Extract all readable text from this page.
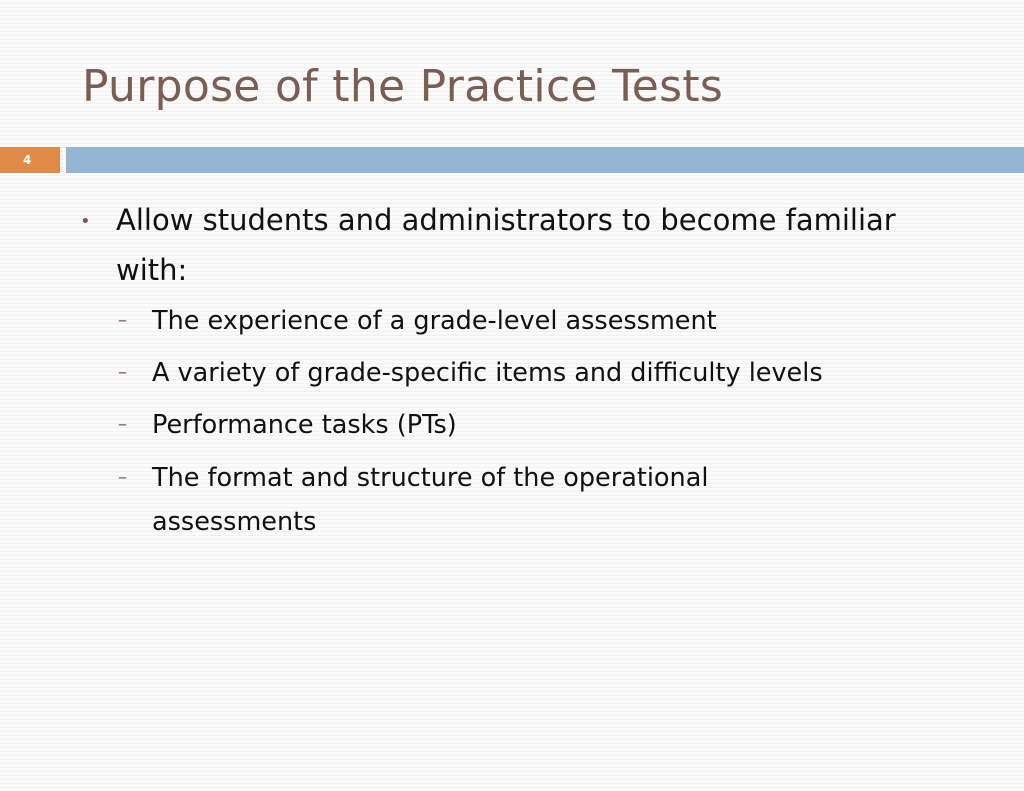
Purpose of the Practice Tests
4
• Allow students and administrators to become familiar with:
– The experience of a grade-level assessment
– A variety of grade-specific items and difficulty levels
– Performance tasks (PTs)
– The format and structure of the operational assessments
